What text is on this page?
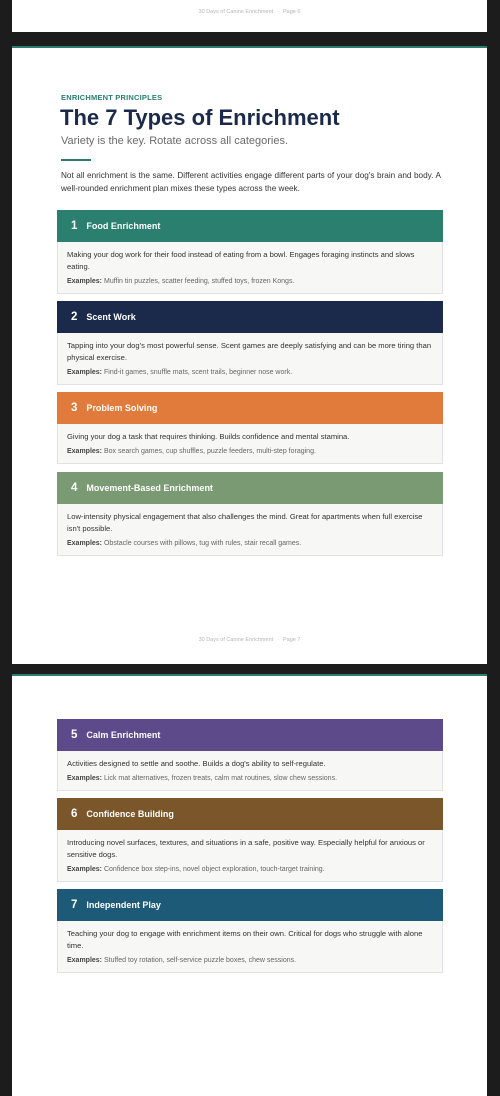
30 Days of Canine Enrichment · Page 6
ENRICHMENT PRINCIPLES
The 7 Types of Enrichment
Variety is the key. Rotate across all categories.
Not all enrichment is the same. Different activities engage different parts of your dog's brain and body. A well-rounded enrichment plan mixes these types across the week.
1 Food Enrichment
Making your dog work for their food instead of eating from a bowl. Engages foraging instincts and slows eating.
Examples: Muffin tin puzzles, scatter feeding, stuffed toys, frozen Kongs.
2 Scent Work
Tapping into your dog's most powerful sense. Scent games are deeply satisfying and can be more tiring than physical exercise.
Examples: Find-it games, snuffle mats, scent trails, beginner nose work.
3 Problem Solving
Giving your dog a task that requires thinking. Builds confidence and mental stamina.
Examples: Box search games, cup shuffles, puzzle feeders, multi-step foraging.
4 Movement-Based Enrichment
Low-intensity physical engagement that also challenges the mind. Great for apartments when full exercise isn't possible.
Examples: Obstacle courses with pillows, tug with rules, stair recall games.
30 Days of Canine Enrichment · Page 7
5 Calm Enrichment
Activities designed to settle and soothe. Builds a dog's ability to self-regulate.
Examples: Lick mat alternatives, frozen treats, calm mat routines, slow chew sessions.
6 Confidence Building
Introducing novel surfaces, textures, and situations in a safe, positive way. Especially helpful for anxious or sensitive dogs.
Examples: Confidence box step-ins, novel object exploration, touch-target training.
7 Independent Play
Teaching your dog to engage with enrichment items on their own. Critical for dogs who struggle with alone time.
Examples: Stuffed toy rotation, self-service puzzle boxes, chew sessions.
